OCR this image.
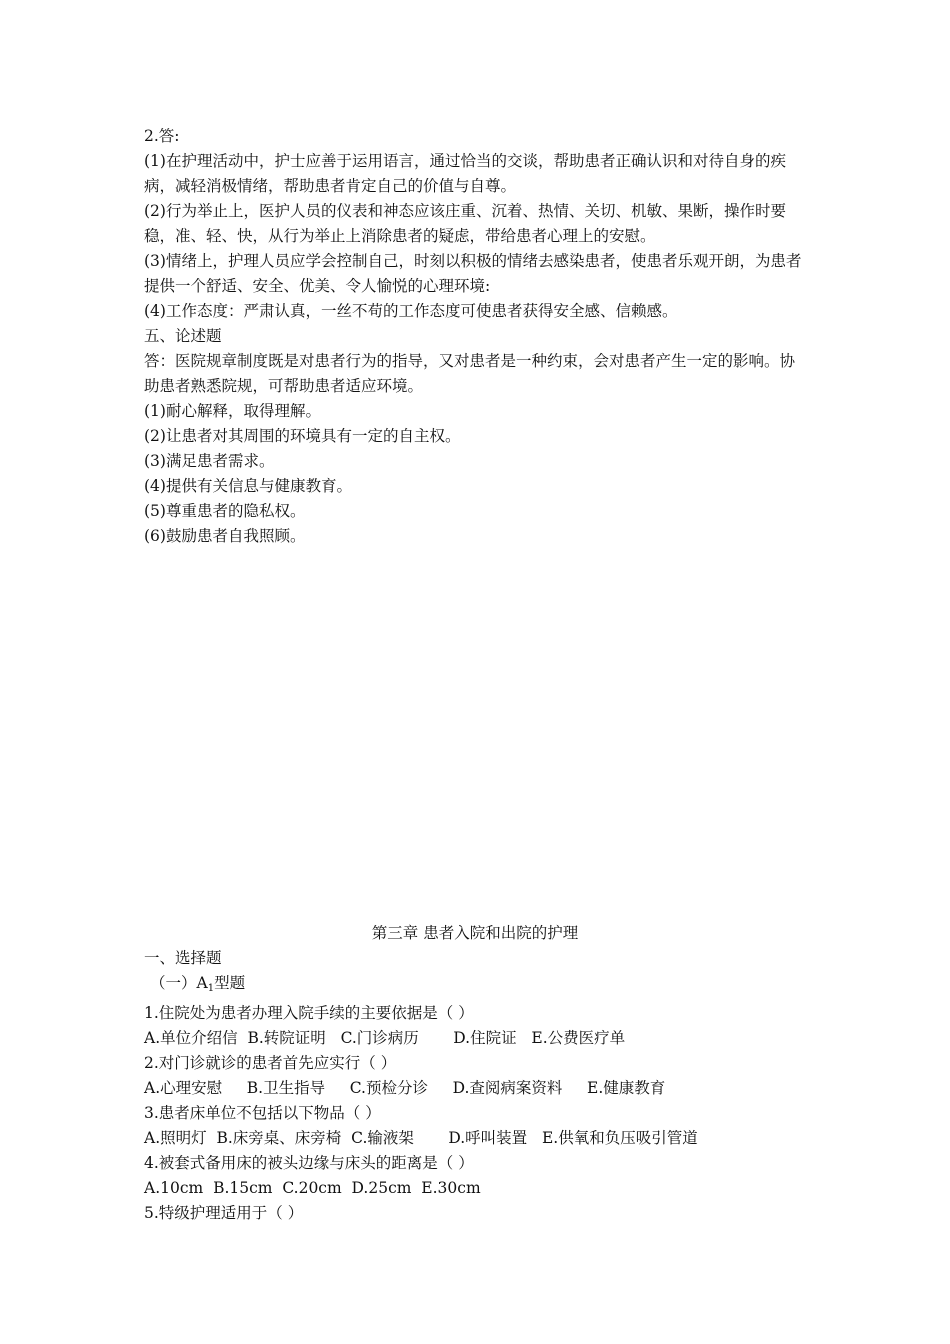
2.答:

(1)在护理活动中，护士应善于运用语言，通过恰当的交谈，帮助患者正确认识和对待自身的疾病，减轻消极情绪，帮助患者肯定自己的价值与自尊。

(2)行为举止上，医护人员的仪表和神态应该庄重、沉着、热情、关切、机敏、果断，操作时要稳，准、轻、快，从行为举止上消除患者的疑虑，带给患者心理上的安慰。

(3)情绪上，护理人员应学会控制自己，时刻以积极的情绪去感染患者，使患者乐观开朗，为患者提供一个舒适、安全、优美、令人愉悦的心理环境:

(4)工作态度：严肃认真，一丝不苟的工作态度可使患者获得安全感、信赖感。

五、论述题

答：医院规章制度既是对患者行为的指导，又对患者是一种约束，会对患者产生一定的影响。协助患者熟悉院规，可帮助患者适应环境。

(1)耐心解释，取得理解。

(2)让患者对其周围的环境具有一定的自主权。

(3)满足患者需求。

(4)提供有关信息与健康教育。

(5)尊重患者的隐私权。

(6)鼓励患者自我照顾。

第三章 患者入院和出院的护理

一、选择题

（一）$A_1$型题

1.住院处为患者办理入院手续的主要依据是（ ）

A.单位介绍信  B.转院证明   C.门诊病历       D.住院证   E.公费医疗单

2.对门诊就诊的患者首先应实行（ ）

A.心理安慰     B.卫生指导     C.预检分诊     D.查阅病案资料     E.健康教育

3.患者床单位不包括以下物品（ ）

A.照明灯  B.床旁桌、床旁椅  C.输液架       D.呼叫装置   E.供氧和负压吸引管道

4.被套式备用床的被头边缘与床头的距离是（ ）

A.10cm  B.15cm  C.20cm  D.25cm  E.30cm

5.特级护理适用于（ ）
